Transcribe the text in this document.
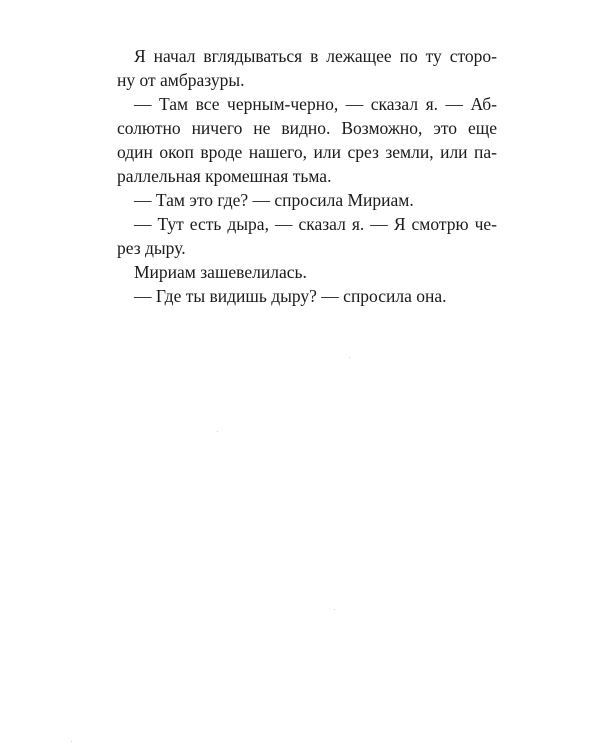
Я начал вглядываться в лежащее по ту сторо-
ну от амбразуры.
— Там все черным-черно, — сказал я. — Аб-
солютно ничего не видно. Возможно, это еще
один окоп вроде нашего, или срез земли, или па-
раллельная кромешная тьма.
— Там это где? — спросила Мириам.
— Тут есть дыра, — сказал я. — Я смотрю че-
рез дыру.
Мириам зашевелилась.
— Где ты видишь дыру? — спросила она.
